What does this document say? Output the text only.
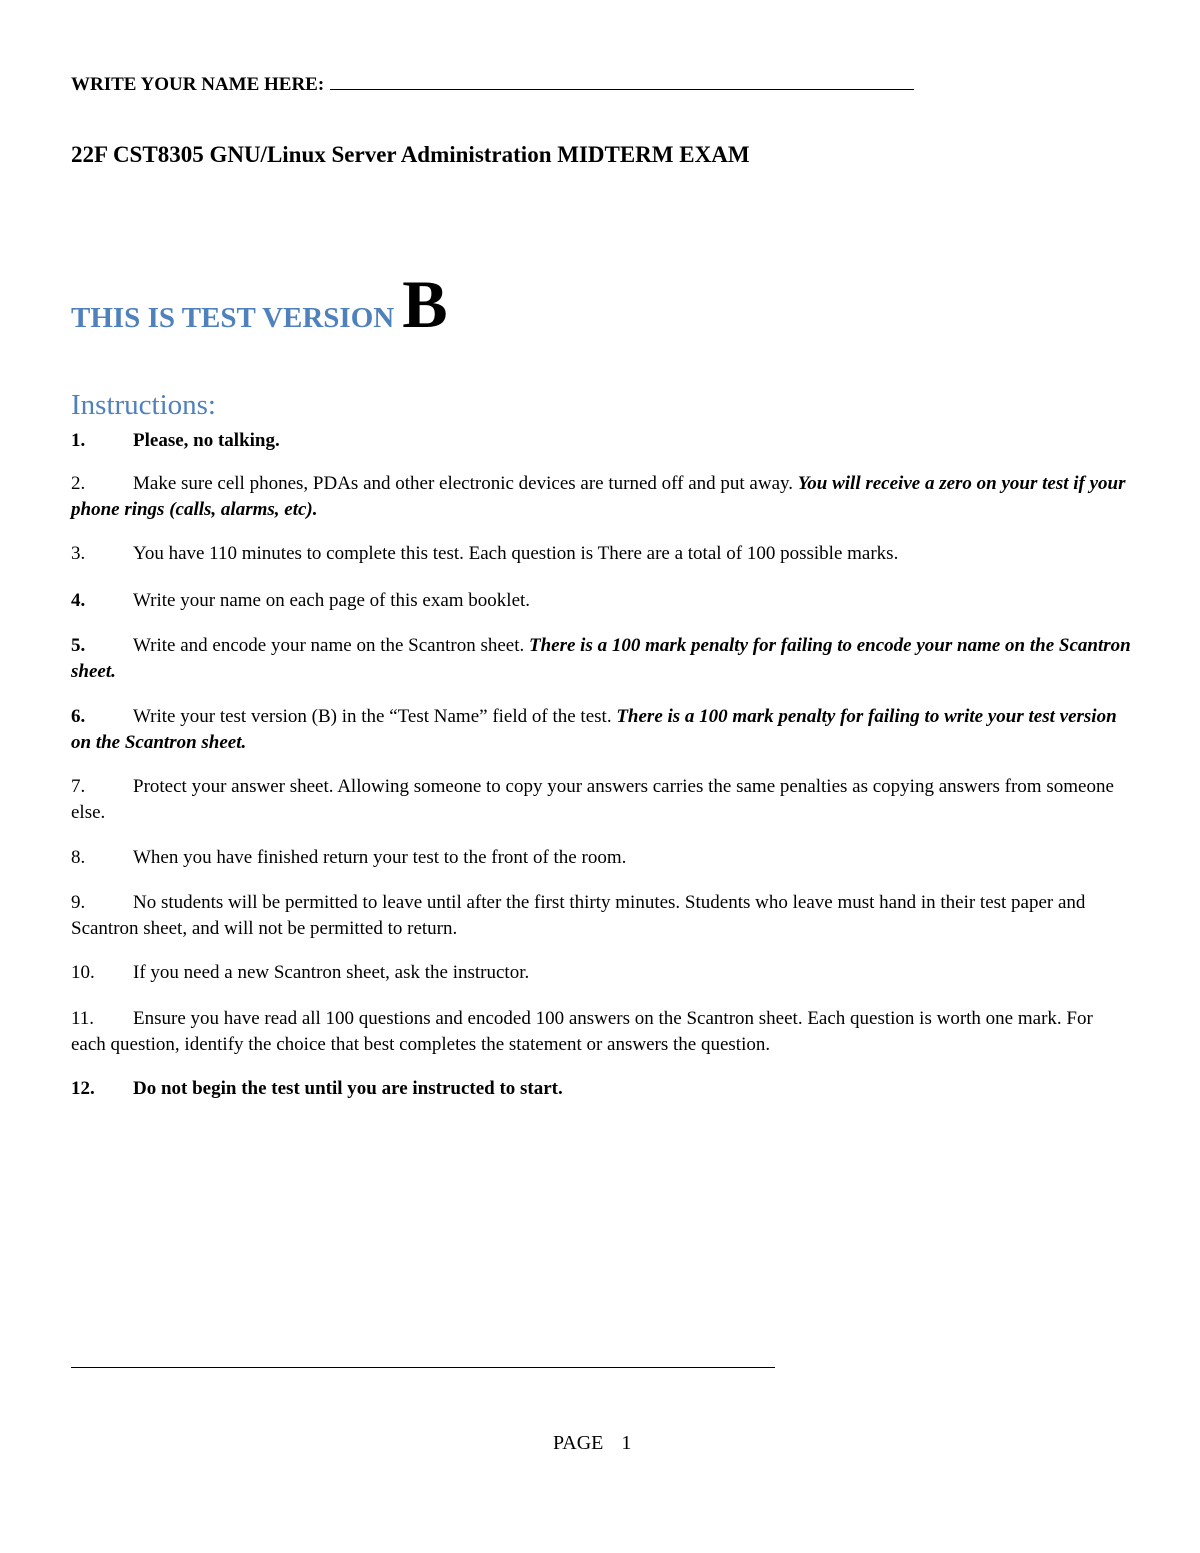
WRITE YOUR NAME HERE:
22F CST8305 GNU/Linux Server Administration MIDTERM EXAM
THIS IS TEST VERSION B
Instructions:
1.	Please, no talking.
2.	Make sure cell phones, PDAs and other electronic devices are turned off and put away. You will receive a zero on your test if your phone rings (calls, alarms, etc).
3.	You have 110 minutes to complete this test. Each question is There are a total of 100 possible marks.
4.	Write your name on each page of this exam booklet.
5.	Write and encode your name on the Scantron sheet. There is a 100 mark penalty for failing to encode your name on the Scantron sheet.
6.	Write your test version (B) in the “Test Name” field of the test. There is a 100 mark penalty for failing to write your test version on the Scantron sheet.
7.	Protect your answer sheet. Allowing someone to copy your answers carries the same penalties as copying answers from someone else.
8.	When you have finished return your test to the front of the room.
9.	No students will be permitted to leave until after the first thirty minutes. Students who leave must hand in their test paper and Scantron sheet, and will not be permitted to return.
10. If you need a new Scantron sheet, ask the instructor.
11. Ensure you have read all 100 questions and encoded 100 answers on the Scantron sheet. Each question is worth one mark. For each question, identify the choice that best completes the statement or answers the question.
12. Do not begin the test until you are instructed to start.
PAGE 1
